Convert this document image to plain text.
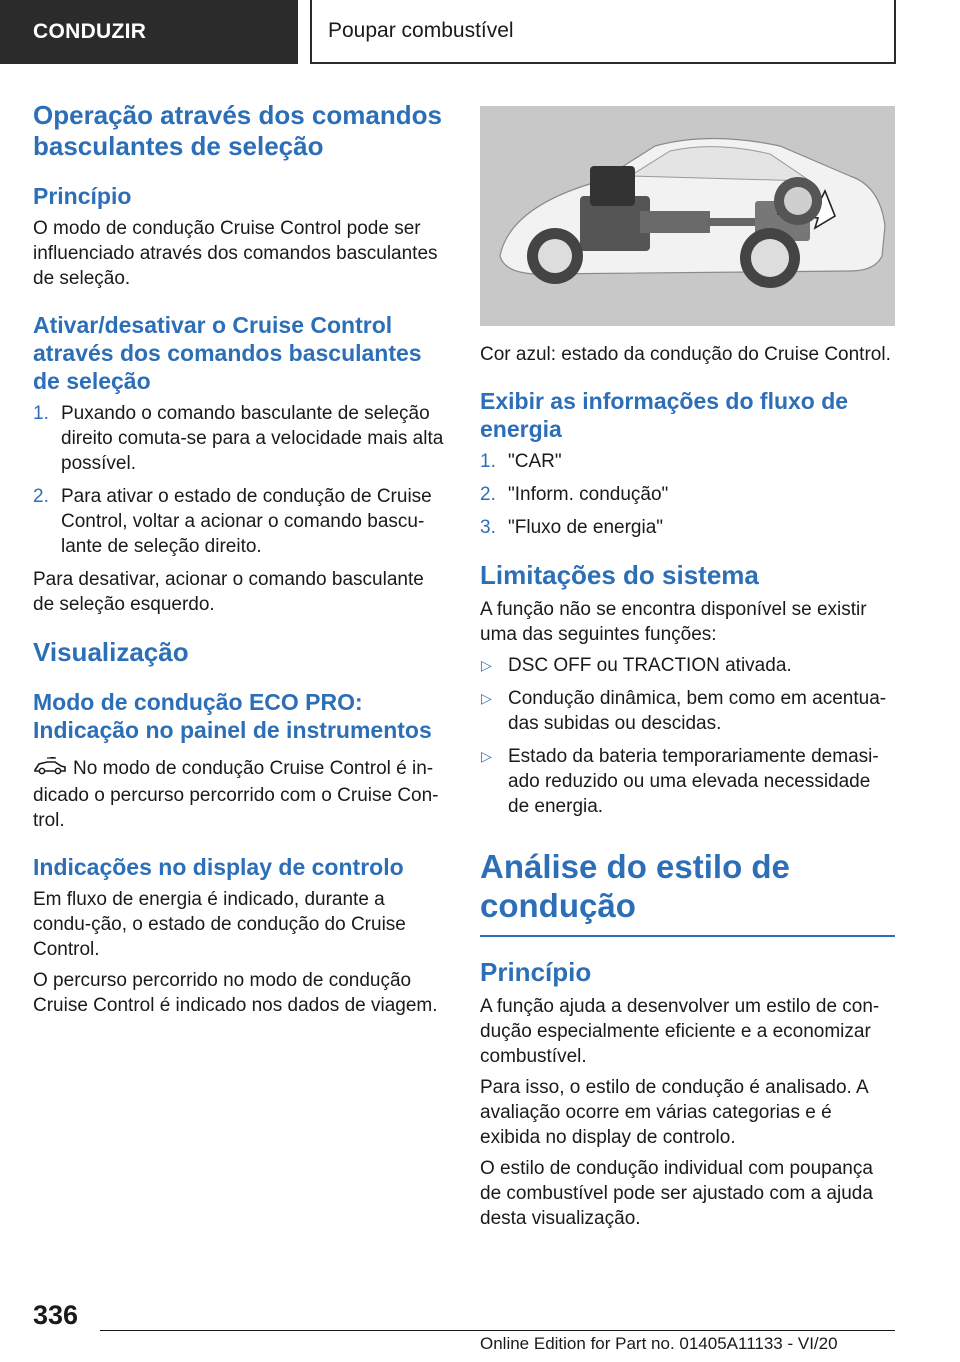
CONDUZIR	Poupar combustível
Operação através dos comandos basculantes de seleção
Princípio

O modo de condução Cruise Control pode ser influenciado através dos comandos basculantes de seleção.

Ativar/desativar o Cruise Control através dos comandos basculantes de seleção
1. Puxando o comando basculante de seleção direito comuta-se para a velocidade mais alta possível.
2. Para ativar o estado de condução de Cruise Control, voltar a acionar o comando bascu-lante de seleção direito.

Para desativar, acionar o comando basculante de seleção esquerdo.

Visualização
Modo de condução ECO PRO: Indicação no painel de instrumentos

No modo de condução Cruise Control é in-dicado o percurso percorrido com o Cruise Con-trol.

Indicações no display de controlo

Em fluxo de energia é indicado, durante a condu-ção, o estado de condução do Cruise Control.

O percurso percorrido no modo de condução Cruise Control é indicado nos dados de viagem.

Cor azul: estado da condução do Cruise Control.

Exibir as informações do fluxo de energia
1. "CAR"
2. "Inform. condução"
3. "Fluxo de energia"
Limitações do sistema

A função não se encontra disponível se existir uma das seguintes funções:

▷ DSC OFF ou TRACTION ativada.
▷ Condução dinâmica, bem como em acentua-das subidas ou descidas.
▷ Estado da bateria temporariamente demasi-ado reduzido ou uma elevada necessidade de energia.
Análise do estilo de condução
Princípio

A função ajuda a desenvolver um estilo de con-dução especialmente eficiente e a economizar combustível.

Para isso, o estilo de condução é analisado. A avaliação ocorre em várias categorias e é exibida no display de controlo.

O estilo de condução individual com poupança de combustível pode ser ajustado com a ajuda desta visualização.

336
Online Edition for Part no. 01405A11133 - VI/20
